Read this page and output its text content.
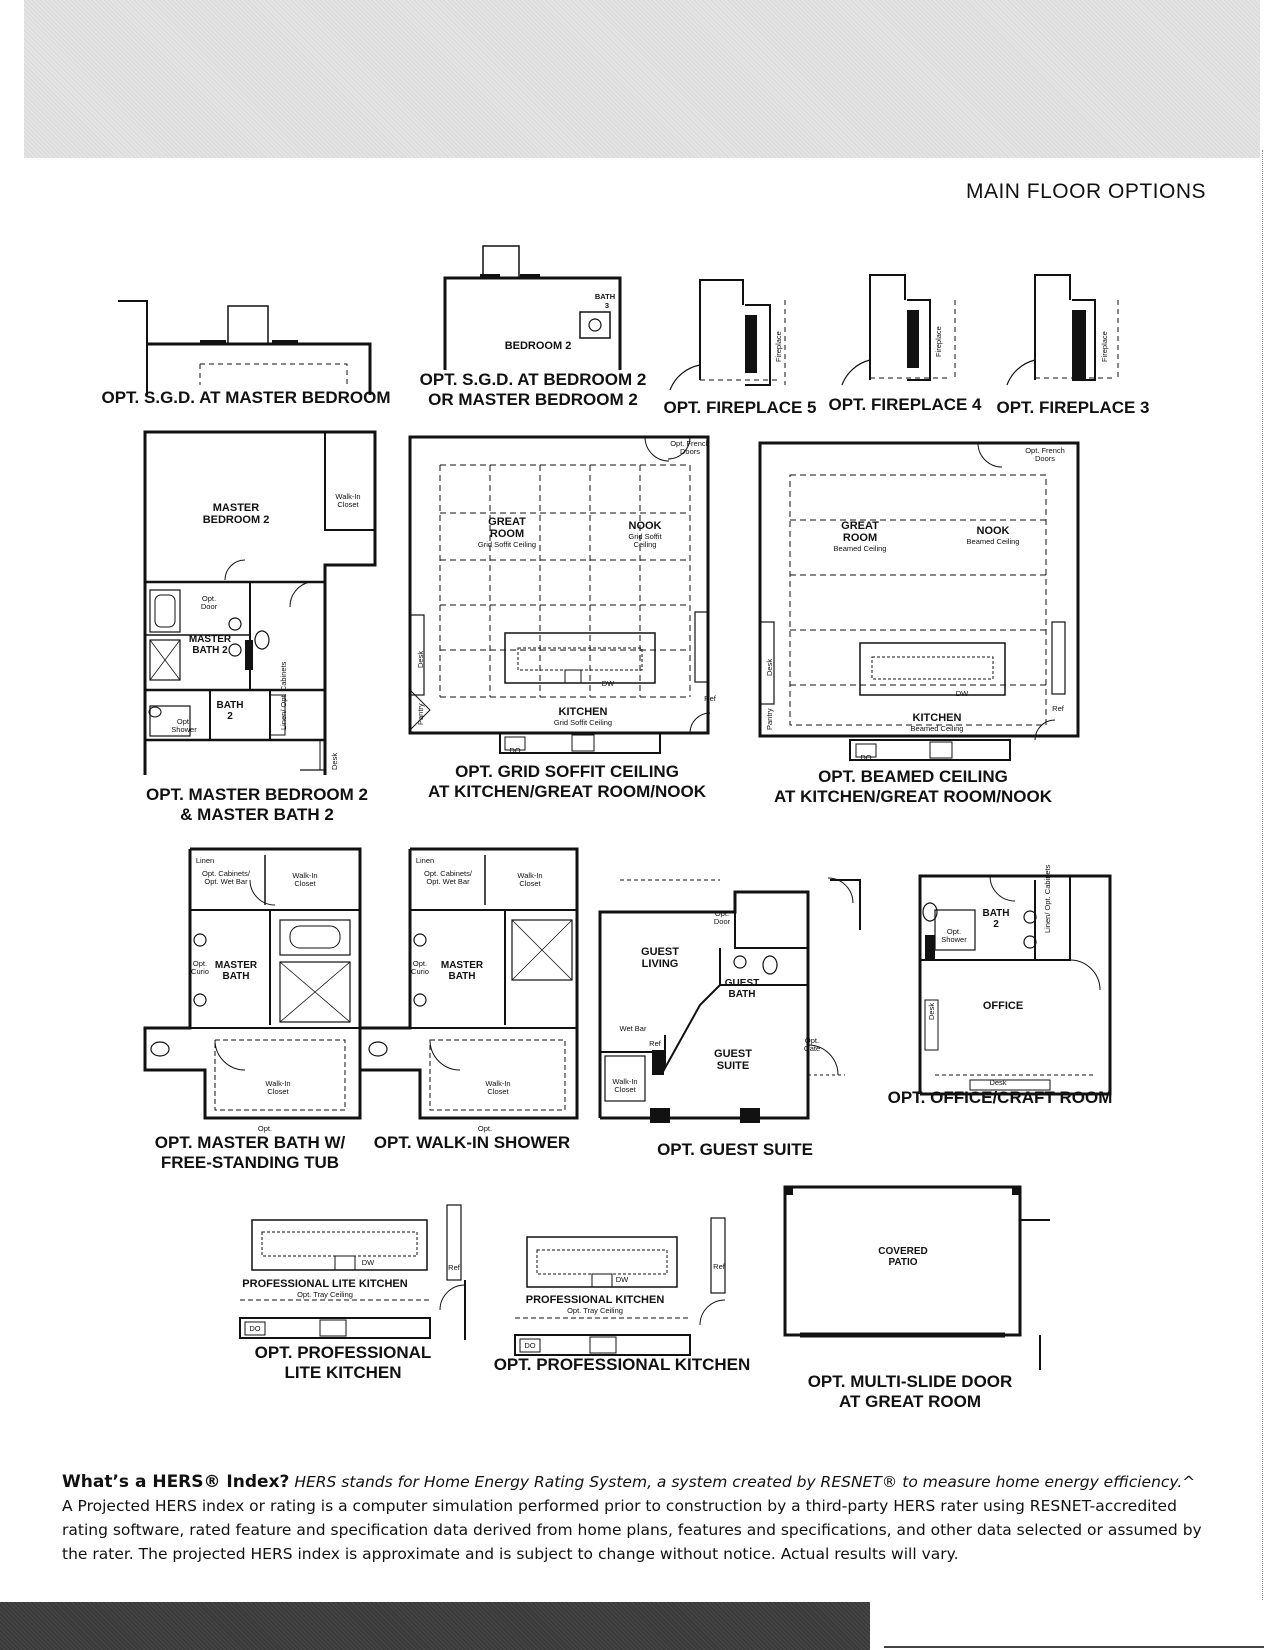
MAIN FLOOR OPTIONS
BEDROOM 2
BATH
3
Fireplace	Fireplace	Fireplace
MASTER
BEDROOM 2
Walk-In
Closet
Opt.
Door
MASTER
BATH 2
BATH
2
Opt.
Shower	Linen/ Opt. Cabinets
Desk
GREAT
ROOM
Grid Soffit Ceiling
NOOK
Grid Soffit
Ceiling
Opt. French
Doors
KITCHEN
Grid Soffit Ceiling
Desk
Pantry
Ref
DW
DO
GREAT
ROOM
Beamed Ceiling
NOOK
Beamed Ceiling
Opt. French
Doors
KITCHEN
Beamed Ceiling
Desk
Pantry	Ref
DW
DO
Linen
Opt. Cabinets/
Opt. Wet Bar
Walk-In
Closet
MASTER
BATH
Opt.
Curio
Walk-In
Closet
Opt.
Linen
Opt. Cabinets/
Opt. Wet Bar
Walk-In
Closet
MASTER
BATH
Opt.
Curio
Walk-In
Closet
Opt.
GUEST
LIVING
Opt.
Door
GUEST
BATH
Wet Bar
Ref
GUEST
SUITE
Walk-In
Closet
Opt.
Gate
BATH
2
Opt.
Shower
Linen/ Opt. Cabinets
OFFICE
Desk
Desk
PROFESSIONAL LITE KITCHEN
Opt. Tray Ceiling
DW
DO
Ref
PROFESSIONAL KITCHEN
Opt. Tray Ceiling
DW
DO
Ref
COVERED
PATIO
OPT. S.G.D. AT MASTER BEDROOM
OPT. S.G.D. AT BEDROOM 2
OR MASTER BEDROOM 2	OPT. FIREPLACE 5 OPT. FIREPLACE 4 OPT. FIREPLACE 3
OPT. MASTER BEDROOM 2
& MASTER BATH 2
OPT. GRID SOFFIT CEILING
AT KITCHEN/GREAT ROOM/NOOK
OPT. BEAMED CEILING
AT KITCHEN/GREAT ROOM/NOOK
OPT. MASTER BATH W/
FREE-STANDING TUB
OPT. WALK-IN SHOWER	OPT. GUEST SUITE
OPT. OFFICE/CRAFT ROOM
OPT. PROFESSIONAL
LITE KITCHEN	OPT. PROFESSIONAL KITCHEN
OPT. MULTI-SLIDE DOOR
AT GREAT ROOM
What’s a HERS® Index? HERS stands for Home Energy Rating System, a system created by RESNET® to measure home energy efficiency.^
A Projected HERS index or rating is a computer simulation performed prior to construction by a third-party HERS rater using RESNET-accredited rating software, rated feature and specification data derived from home plans, features and specifications, and other data selected or assumed by the rater. The projected HERS index is approximate and is subject to change without notice. Actual results will vary.
